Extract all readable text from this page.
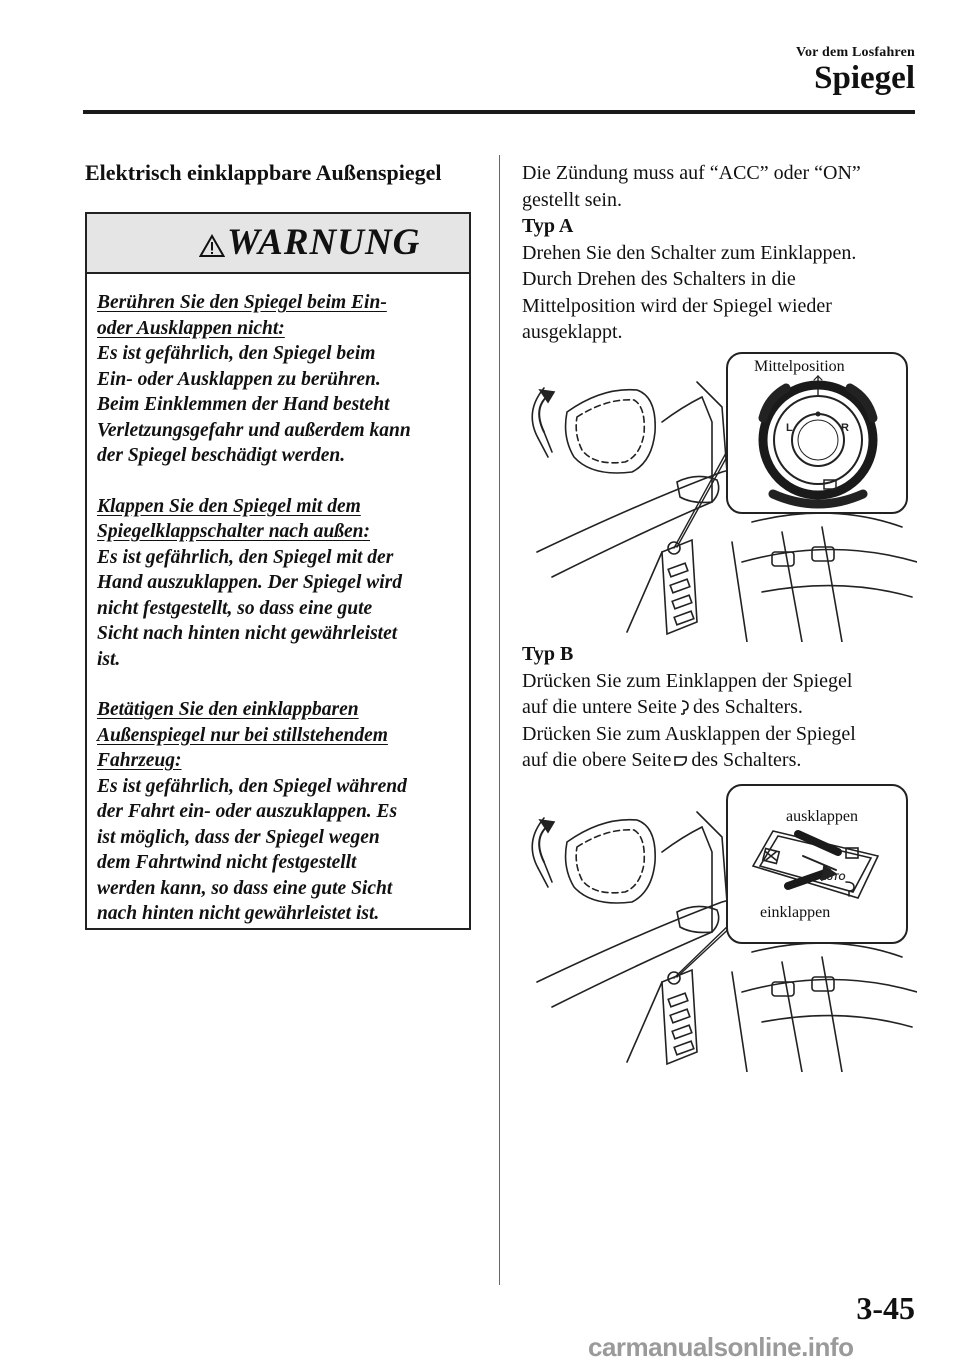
Vor dem Losfahren
Spiegel
Elektrisch einklappbare Außenspiegel
WARNUNG

Berühren Sie den Spiegel beim Ein-
oder Ausklappen nicht:
Es ist gefährlich, den Spiegel beim
Ein- oder Ausklappen zu berühren.
Beim Einklemmen der Hand besteht
Verletzungsgefahr und außerdem kann
der Spiegel beschädigt werden.

Klappen Sie den Spiegel mit dem
Spiegelklappschalter nach außen:
Es ist gefährlich, den Spiegel mit der
Hand auszuklappen. Der Spiegel wird
nicht festgestellt, so dass eine gute
Sicht nach hinten nicht gewährleistet
ist.

Betätigen Sie den einklappbaren
Außenspiegel nur bei stillstehendem
Fahrzeug:
Es ist gefährlich, den Spiegel während
der Fahrt ein- oder auszuklappen. Es
ist möglich, dass der Spiegel wegen
dem Fahrtwind nicht festgestellt
werden kann, so dass eine gute Sicht
nach hinten nicht gewährleistet ist.

Die Zündung muss auf “ACC” oder “ON”
gestellt sein.
Typ A
Drehen Sie den Schalter zum Einklappen.
Durch Drehen des Schalters in die
Mittelposition wird der Spiegel wieder
ausgeklappt.
L	R
Mittelposition
Typ B
Drücken Sie zum Einklappen der Spiegel
auf die untere Seite des Schalters.
Drücken Sie zum Ausklappen der Spiegel
auf die obere Seite des Schalters.
AUTO
ausklappen
einklappen
3-45
carmanualsonline.info
